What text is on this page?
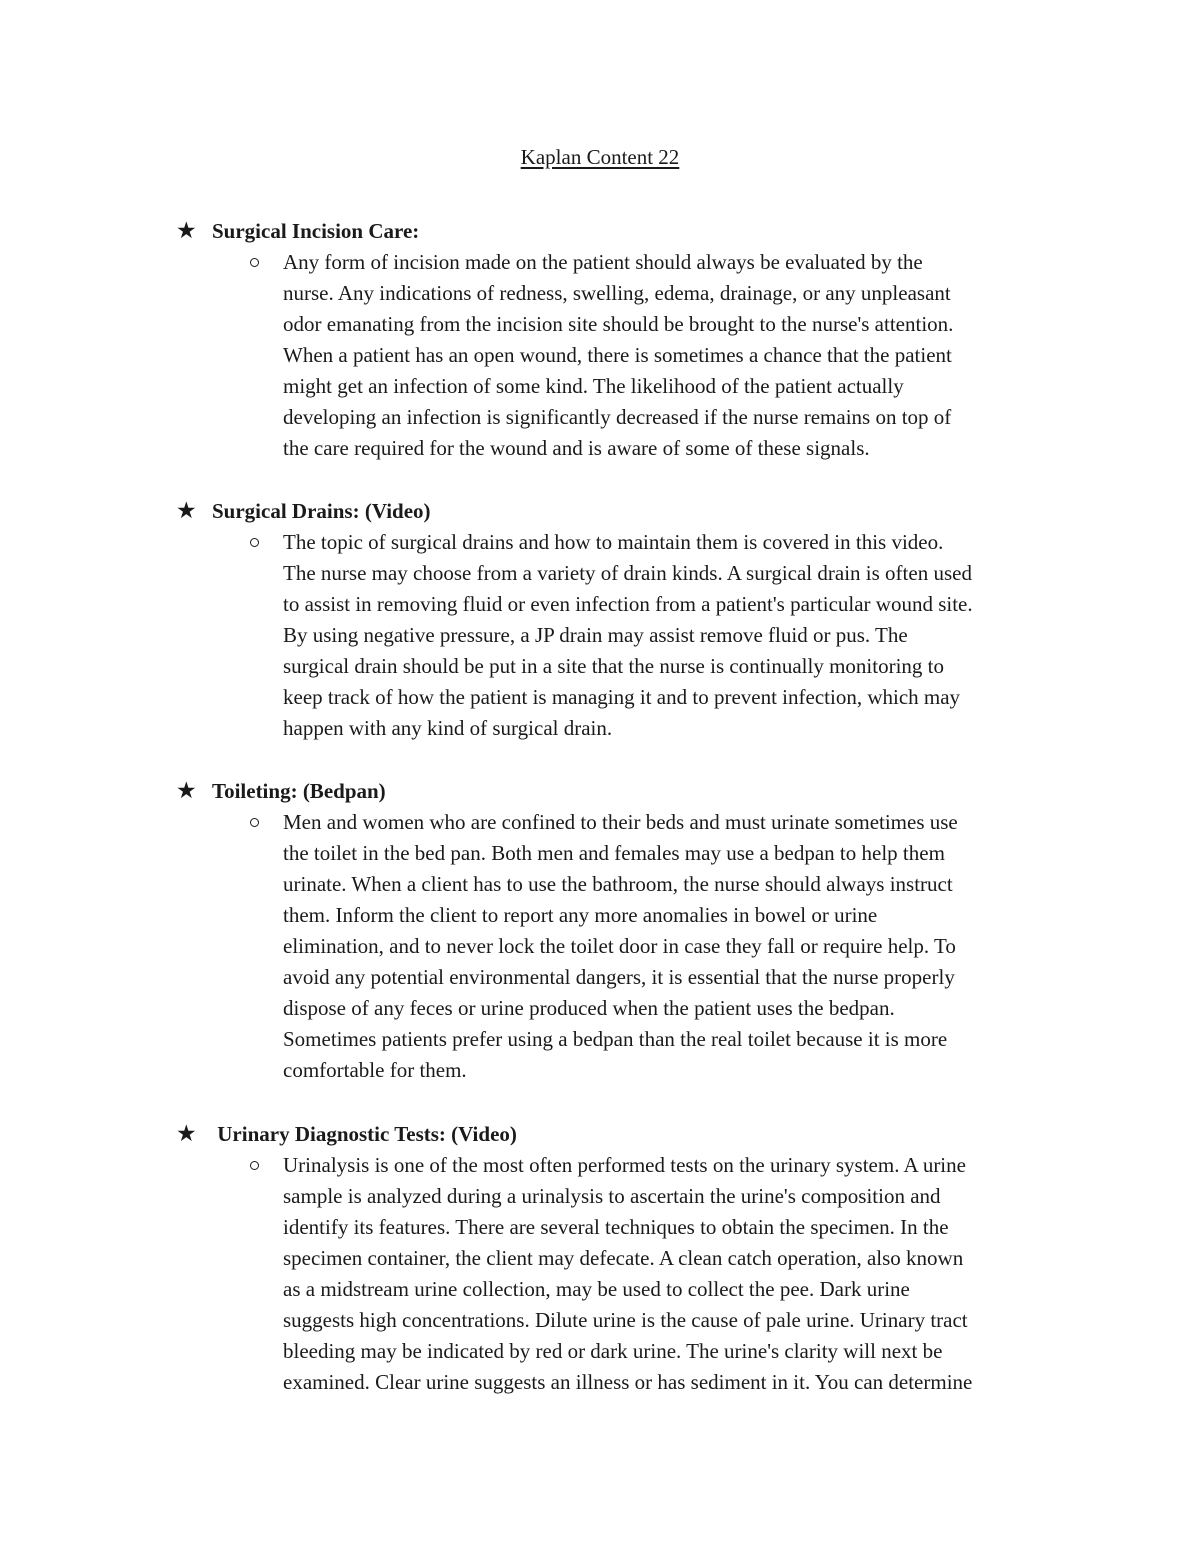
Kaplan Content 22
★ Surgical Incision Care:

Any form of incision made on the patient should always be evaluated by the
nurse. Any indications of redness, swelling, edema, drainage, or any unpleasant
odor emanating from the incision site should be brought to the nurse's attention.
When a patient has an open wound, there is sometimes a chance that the patient
might get an infection of some kind. The likelihood of the patient actually
developing an infection is significantly decreased if the nurse remains on top of
the care required for the wound and is aware of some of these signals.

★ Surgical Drains: (Video)

The topic of surgical drains and how to maintain them is covered in this video.
The nurse may choose from a variety of drain kinds. A surgical drain is often used
to assist in removing fluid or even infection from a patient's particular wound site.
By using negative pressure, a JP drain may assist remove fluid or pus. The
surgical drain should be put in a site that the nurse is continually monitoring to
keep track of how the patient is managing it and to prevent infection, which may
happen with any kind of surgical drain.

★ Toileting: (Bedpan)

Men and women who are confined to their beds and must urinate sometimes use
the toilet in the bed pan. Both men and females may use a bedpan to help them
urinate. When a client has to use the bathroom, the nurse should always instruct
them. Inform the client to report any more anomalies in bowel or urine
elimination, and to never lock the toilet door in case they fall or require help. To
avoid any potential environmental dangers, it is essential that the nurse properly
dispose of any feces or urine produced when the patient uses the bedpan.
Sometimes patients prefer using a bedpan than the real toilet because it is more
comfortable for them.

★ Urinary Diagnostic Tests: (Video)

Urinalysis is one of the most often performed tests on the urinary system. A urine
sample is analyzed during a urinalysis to ascertain the urine's composition and
identify its features. There are several techniques to obtain the specimen. In the
specimen container, the client may defecate. A clean catch operation, also known
as a midstream urine collection, may be used to collect the pee. Dark urine
suggests high concentrations. Dilute urine is the cause of pale urine. Urinary tract
bleeding may be indicated by red or dark urine. The urine's clarity will next be
examined. Clear urine suggests an illness or has sediment in it. You can determine
